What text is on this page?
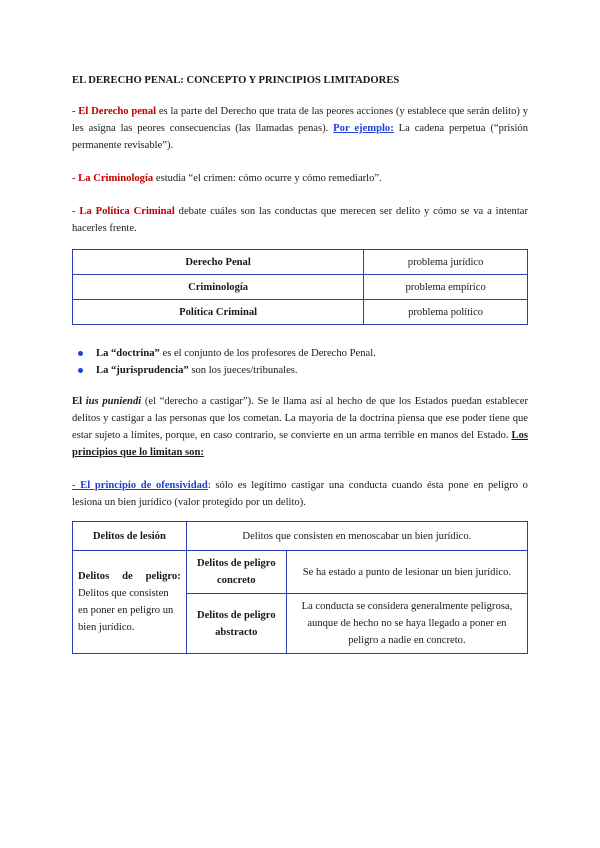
EL DERECHO PENAL: CONCEPTO Y PRINCIPIOS LIMITADORES

- El Derecho penal es la parte del Derecho que trata de las peores acciones (y establece que serán delito) y les asigna las peores consecuencias (las llamadas penas). Por ejemplo: La cadena perpetua (“prisión permanente revisable”).

- La Criminología estudia “el crimen: cómo ocurre y cómo remediarlo”.

- La Política Criminal debate cuáles son las conductas que merecen ser delito y cómo se va a intentar hacerles frente.

Derecho Penal	problema jurídico
Criminología	problema empírico
Política Criminal	problema político
La “doctrina” es el conjunto de los profesores de Derecho Penal.
La “jurisprudencia” son los jueces/tribunales.

El ius puniendi (el “derecho a castigar”). Se le llama así al hecho de que los Estados puedan establecer delitos y castigar a las personas que los cometan. La mayoría de la doctrina piensa que ese poder tiene que estar sujeto a límites, porque, en caso contrario, se convierte en un arma terrible en manos del Estado. Los principios que lo limitan son:

- El principio de ofensividad: sólo es legítimo castigar una conducta cuando ésta pone en peligro o lesiona un bien jurídico (valor protegido por un delito).

Delitos de lesión	Delitos que consisten en menoscabar un bien jurídico.	

Delitos de peligro:
Delitos que consisten en poner en peligro un bien jurídico.	Delitos de peligro concreto	Se ha estado a punto de lesionar un bien jurídico.
	Delitos de peligro abstracto	La conducta se considera generalmente peligrosa, aunque de hecho no se haya llegado a poner en peligro a nadie en concreto.
